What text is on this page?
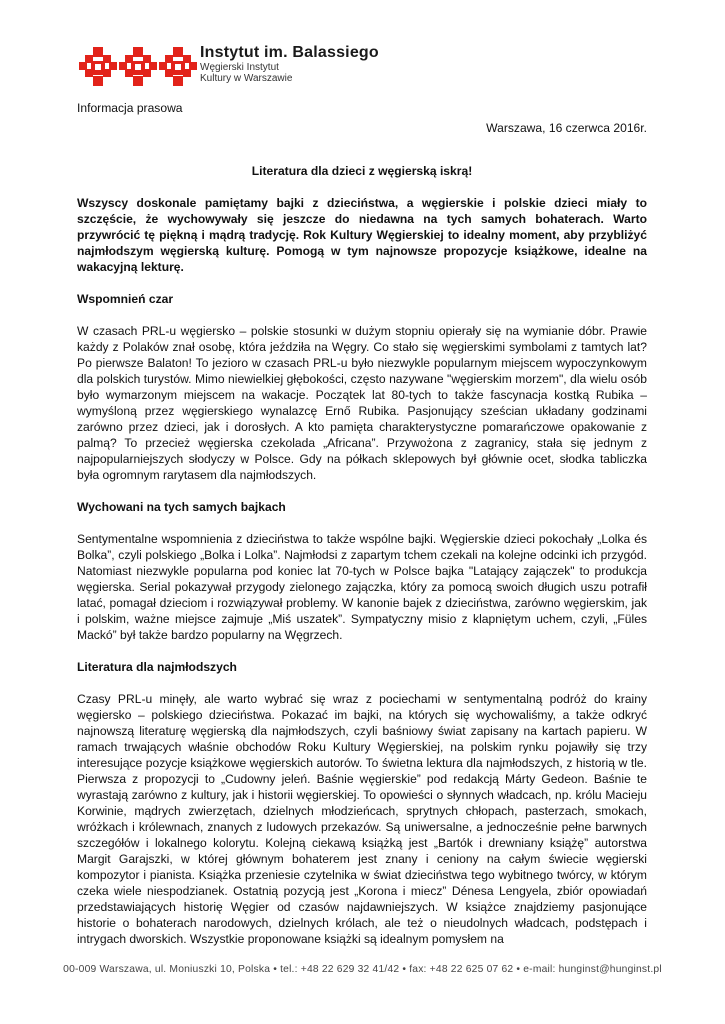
Instytut im. Balassiego
Węgierski Instytut
Kultury w Warszawie

Informacja prasowa

Warszawa, 16 czerwca 2016r.

Literatura dla dzieci z węgierską iskrą!

Wszyscy doskonale pamiętamy bajki z dzieciństwa, a węgierskie i polskie dzieci miały to szczęście, że wychowywały się jeszcze do niedawna na tych samych bohaterach. Warto przywrócić tę piękną i mądrą tradycję. Rok Kultury Węgierskiej to idealny moment, aby przybliżyć najmłodszym węgierską kulturę. Pomogą w tym najnowsze propozycje książkowe, idealne na wakacyjną lekturę.

Wspomnień czar

W czasach PRL-u węgiersko – polskie stosunki w dużym stopniu opierały się na wymianie dóbr. Prawie każdy z Polaków znał osobę, która jeździła na Węgry. Co stało się węgierskimi symbolami z tamtych lat? Po pierwsze Balaton! To jezioro w czasach PRL-u było niezwykle popularnym miejscem wypoczynkowym dla polskich turystów. Mimo niewielkiej głębokości, często nazywane "węgierskim morzem", dla wielu osób było wymarzonym miejscem na wakacje. Początek lat 80-tych to także fascynacja kostką Rubika – wymyśloną przez węgierskiego wynalazcę Ernő Rubika. Pasjonujący sześcian układany godzinami zarówno przez dzieci, jak i dorosłych. A kto pamięta charakterystyczne pomarańczowe opakowanie z palmą? To przecież węgierska czekolada „Africana”. Przywożona z zagranicy, stała się jednym z najpopularniejszych słodyczy w Polsce. Gdy na półkach sklepowych był głównie ocet, słodka tabliczka była ogromnym rarytasem dla najmłodszych.

Wychowani na tych samych bajkach

Sentymentalne wspomnienia z dzieciństwa to także wspólne bajki. Węgierskie dzieci pokochały „Lolka és Bolka”, czyli polskiego „Bolka i Lolka”. Najmłodsi z zapartym tchem czekali na kolejne odcinki ich przygód. Natomiast niezwykle popularna pod koniec lat 70-tych w Polsce bajka "Latający zajączek" to produkcja węgierska. Serial pokazywał przygody zielonego zajączka, który za pomocą swoich długich uszu potrafił latać, pomagał dzieciom i rozwiązywał problemy. W kanonie bajek z dzieciństwa, zarówno węgierskim, jak i polskim, ważne miejsce zajmuje „Miś uszatek”. Sympatyczny misio z klapniętym uchem, czyli, „Füles Mackó” był także bardzo popularny na Węgrzech.

Literatura dla najmłodszych

Czasy PRL-u minęły, ale warto wybrać się wraz z pociechami w sentymentalną podróż do krainy węgiersko – polskiego dzieciństwa. Pokazać im bajki, na których się wychowaliśmy, a także odkryć najnowszą literaturę węgierską dla najmłodszych, czyli baśniowy świat zapisany na kartach papieru. W ramach trwających właśnie obchodów Roku Kultury Węgierskiej, na polskim rynku pojawiły się trzy interesujące pozycje książkowe węgierskich autorów. To świetna lektura dla najmłodszych, z historią w tle. Pierwsza z propozycji to „Cudowny jeleń. Baśnie węgierskie” pod redakcją Márty Gedeon. Baśnie te wyrastają zarówno z kultury, jak i historii węgierskiej. To opowieści o słynnych władcach, np. królu Macieju Korwinie, mądrych zwierzętach, dzielnych młodzieńcach, sprytnych chłopach, pasterzach, smokach, wróżkach i królewnach, znanych z ludowych przekazów. Są uniwersalne, a jednocześnie pełne barwnych szczegółów i lokalnego kolorytu. Kolejną ciekawą książką jest „Bartók i drewniany książę” autorstwa Margit Garajszki, w której głównym bohaterem jest znany i ceniony na całym świecie węgierski kompozytor i pianista. Książka przeniesie czytelnika w świat dzieciństwa tego wybitnego twórcy, w którym czeka wiele niespodzianek. Ostatnią pozycją jest „Korona i miecz” Dénesa Lengyela, zbiór opowiadań przedstawiających historię Węgier od czasów najdawniejszych. W książce znajdziemy pasjonujące historie o bohaterach narodowych, dzielnych królach, ale też o nieudolnych władcach, podstępach i intrygach dworskich. Wszystkie proponowane książki są idealnym pomysłem na

00-009 Warszawa, ul. Moniuszki 10, Polska • tel.: +48 22 629 32 41/42 • fax: +48 22 625 07 62 • e-mail: hunginst@hunginst.pl
